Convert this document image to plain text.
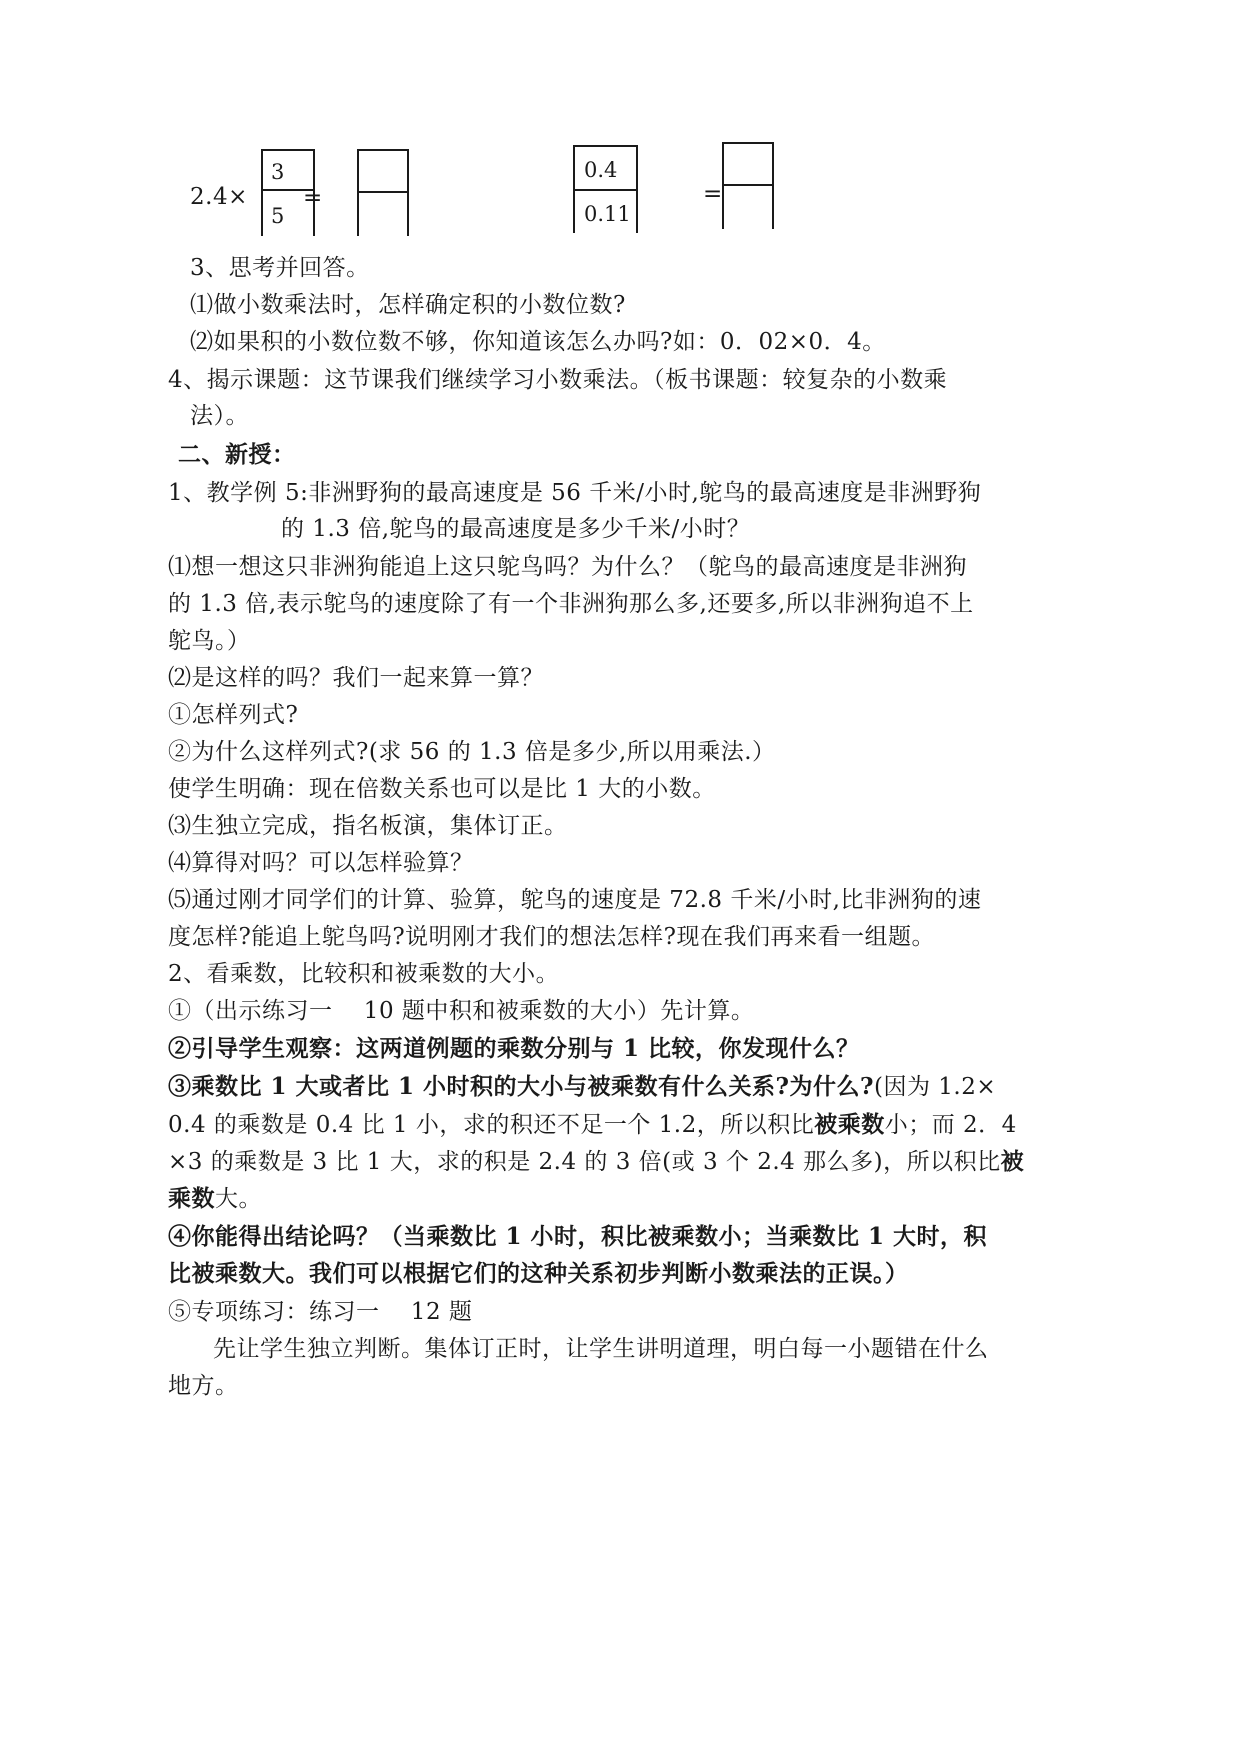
2.4×
3
5
=
0.4
0.11
=
3、思考并回答。
⑴做小数乘法时，怎样确定积的小数位数?
⑵如果积的小数位数不够，你知道该怎么办吗?如：0．02×0．4。
4、揭示课题：这节课我们继续学习小数乘法。（板书课题：较复杂的小数乘
法）。
二、新授：
1、教学例 5:非洲野狗的最高速度是 56 千米/小时,鸵鸟的最高速度是非洲野狗
的 1.3 倍,鸵鸟的最高速度是多少千米/小时？
⑴想一想这只非洲狗能追上这只鸵鸟吗？为什么？（鸵鸟的最高速度是非洲狗
的 1.3 倍,表示鸵鸟的速度除了有一个非洲狗那么多,还要多,所以非洲狗追不上
鸵鸟。）
⑵是这样的吗？我们一起来算一算？
①怎样列式?
②为什么这样列式?(求 56 的 1.3 倍是多少,所以用乘法.）
使学生明确：现在倍数关系也可以是比 1 大的小数。
⑶生独立完成，指名板演，集体订正。
⑷算得对吗？可以怎样验算？
⑸通过刚才同学们的计算、验算，鸵鸟的速度是 72.8 千米/小时,比非洲狗的速
度怎样?能追上鸵鸟吗?说明刚才我们的想法怎样?现在我们再来看一组题。
2、看乘数，比较积和被乘数的大小。
①（出示练习一　 10 题中积和被乘数的大小）先计算。
②引导学生观察：这两道例题的乘数分别与 1 比较，你发现什么？
③乘数比 1 大或者比 1 小时积的大小与被乘数有什么关系?为什么?(因为 1.2×
0.4 的乘数是 0.4 比 1 小，求的积还不足一个 1.2，所以积比被乘数小；而 2．4
×3 的乘数是 3 比 1 大，求的积是 2.4 的 3 倍(或 3 个 2.4 那么多)，所以积比被
乘数大。
④你能得出结论吗？（当乘数比 1 小时，积比被乘数小；当乘数比 1 大时，积
比被乘数大。我们可以根据它们的这种关系初步判断小数乘法的正误。）
⑤专项练习：练习一　 12 题
先让学生独立判断。集体订正时，让学生讲明道理，明白每一小题错在什么
地方。
